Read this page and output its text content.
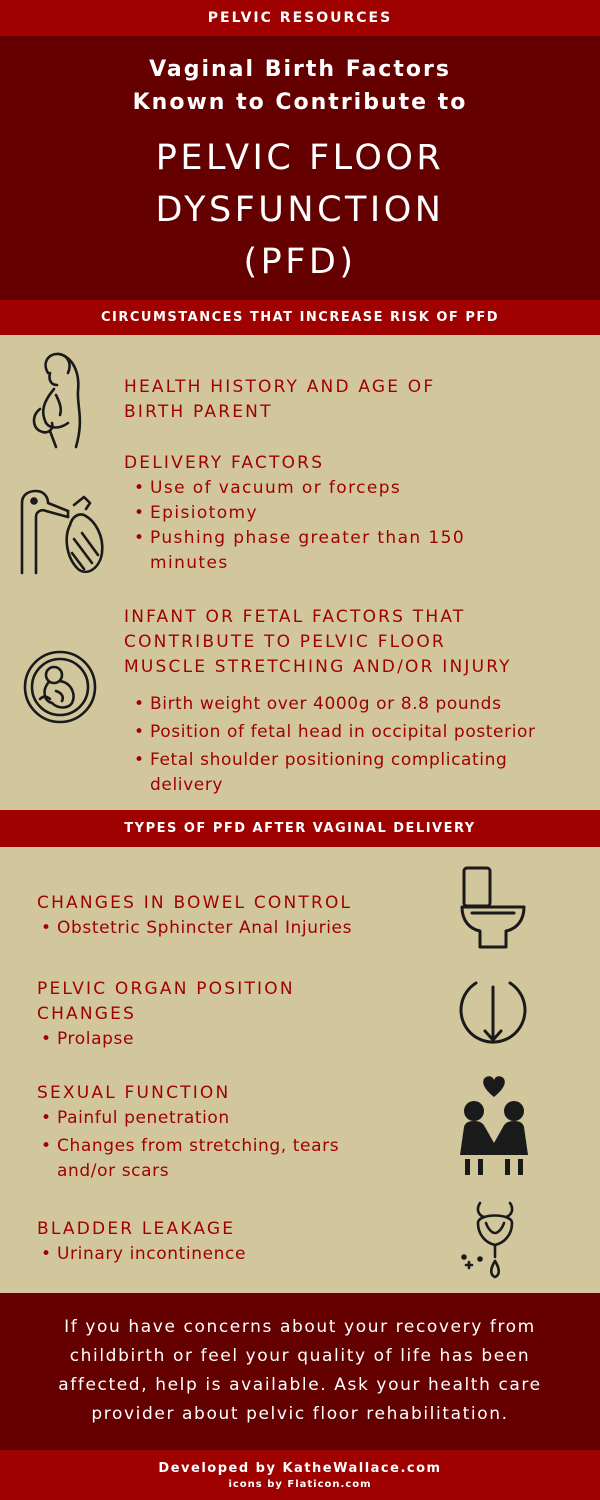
PELVIC RESOURCES
Vaginal Birth Factors
Known to Contribute to
PELVIC FLOOR
DYSFUNCTION
(PFD)
CIRCUMSTANCES THAT INCREASE RISK OF PFD
HEALTH HISTORY AND AGE OF
BIRTH PARENT
DELIVERY FACTORS
• Use of vacuum or forceps
• Episiotomy
• Pushing phase greater than 150 minutes
INFANT OR FETAL FACTORS THAT
CONTRIBUTE TO PELVIC FLOOR
MUSCLE STRETCHING AND/OR INJURY
• Birth weight over 4000g or 8.8 pounds
• Position of fetal head in occipital posterior
• Fetal shoulder positioning complicating delivery
TYPES OF PFD AFTER VAGINAL DELIVERY
CHANGES IN BOWEL CONTROL
• Obstetric Sphincter Anal Injuries
PELVIC ORGAN POSITION
CHANGES
• Prolapse
SEXUAL FUNCTION
• Painful penetration
• Changes from stretching, tears and/or scars
BLADDER LEAKAGE
• Urinary incontinence
If you have concerns about your recovery from
childbirth or feel your quality of life has been
affected, help is available. Ask your health care
provider about pelvic floor rehabilitation.
Developed by KatheWallace.com
icons by Flaticon.com
